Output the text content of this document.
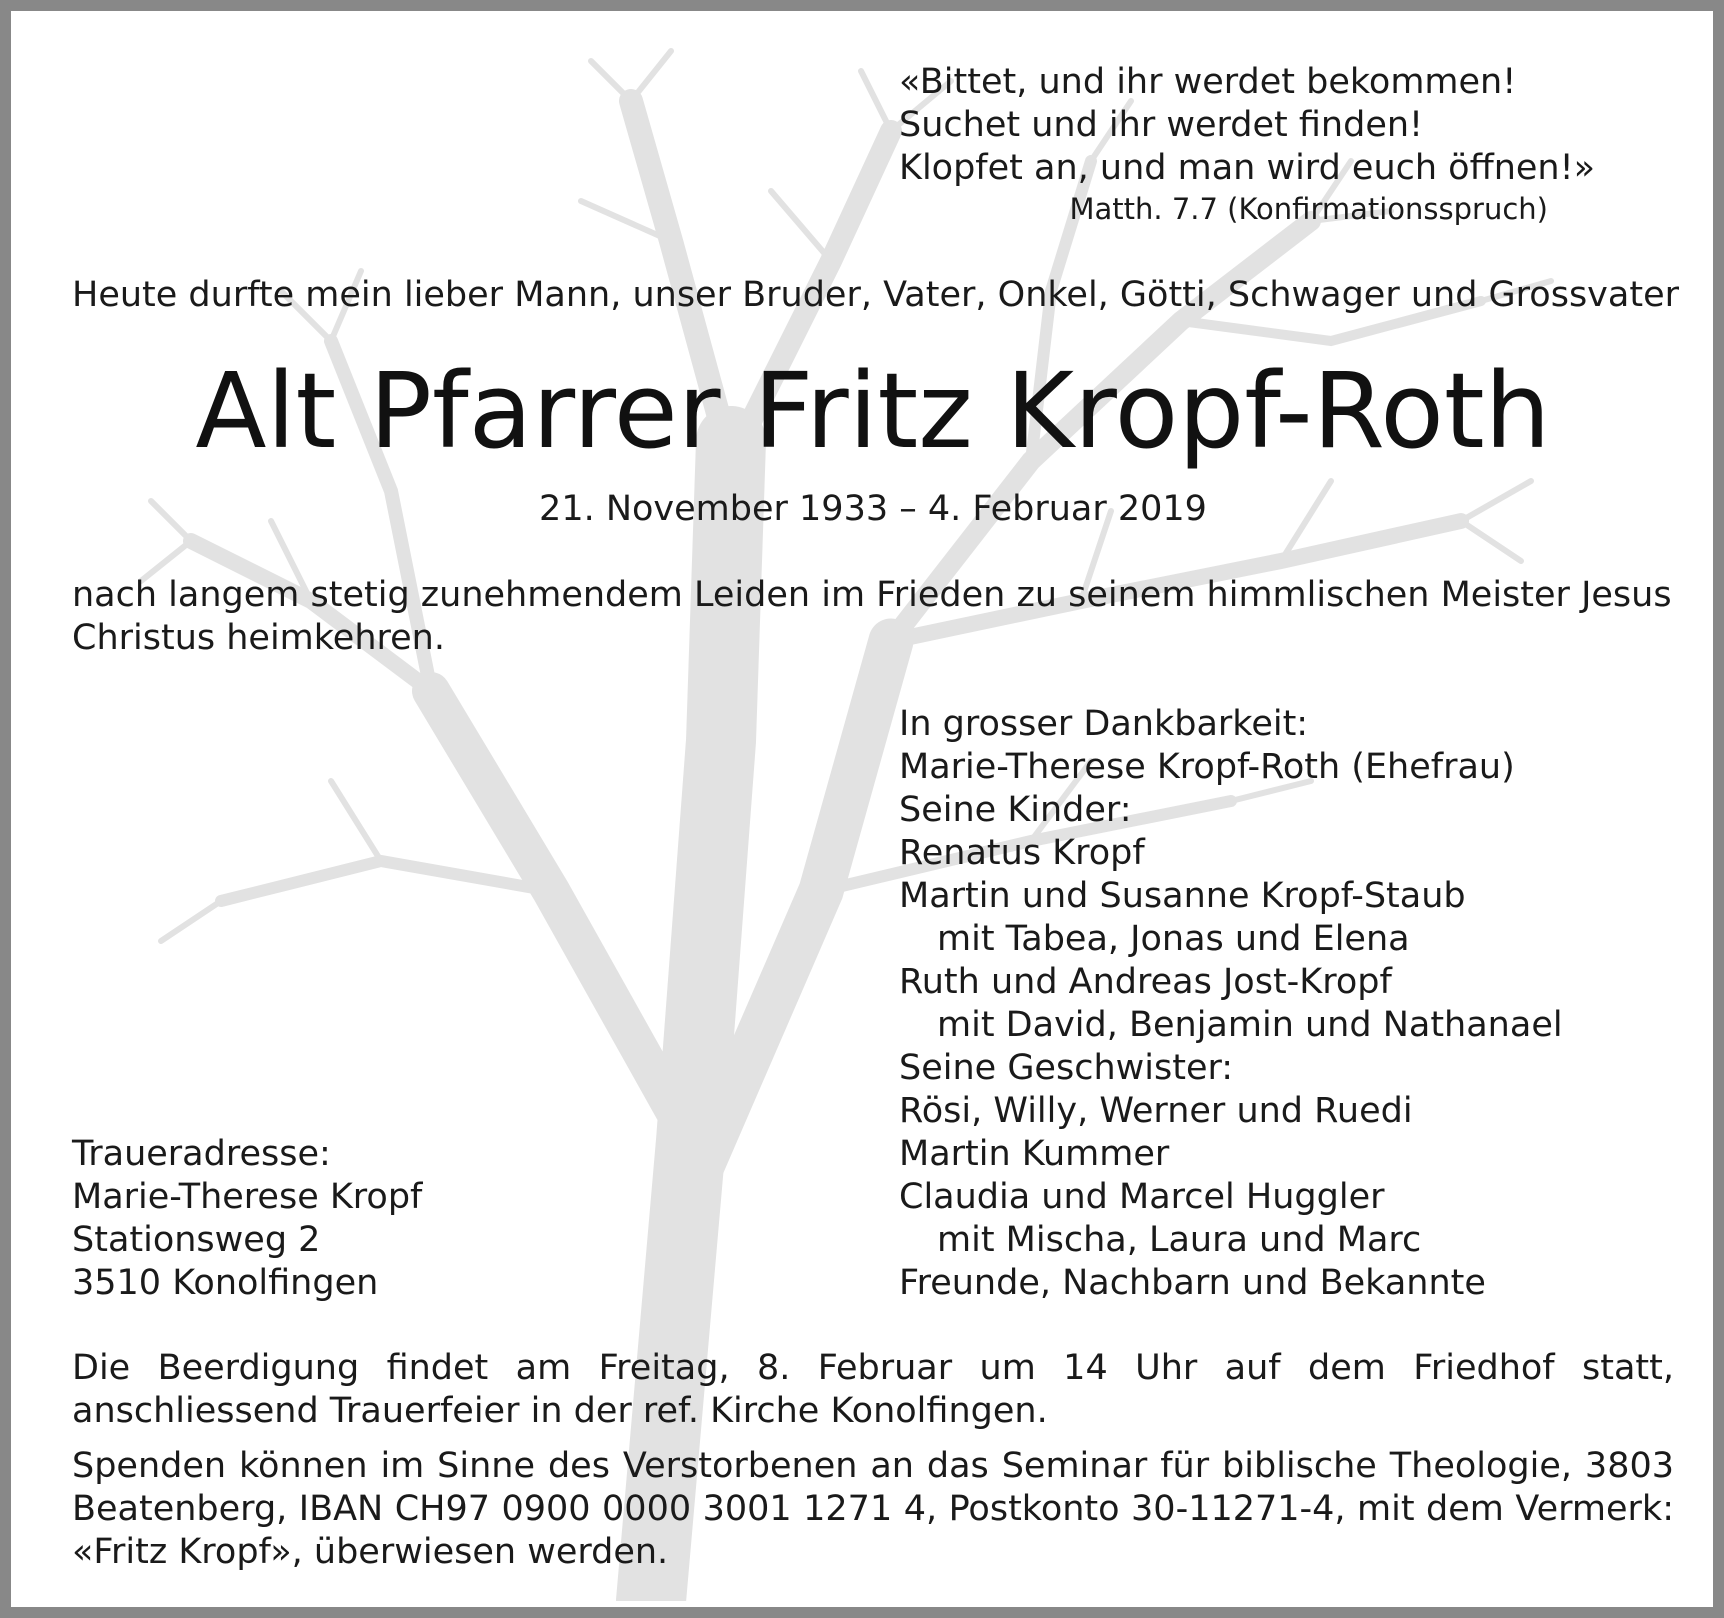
«Bittet, und ihr werdet bekommen!
Suchet und ihr werdet finden!
Klopfet an, und man wird euch öffnen!»
Matth. 7.7 (Konfirmationsspruch)
Heute durfte mein lieber Mann, unser Bruder, Vater, Onkel, Götti, Schwager und Grossvater
Alt Pfarrer Fritz Kropf-Roth
21. November 1933 – 4. Februar 2019
nach langem stetig zunehmendem Leiden im Frieden zu seinem himmlischen Meister Jesus Christus heimkehren.
In grosser Dankbarkeit:
Marie-Therese Kropf-Roth (Ehefrau)
Seine Kinder:
Renatus Kropf
Martin und Susanne Kropf-Staub
mit Tabea, Jonas und Elena
Ruth und Andreas Jost-Kropf
mit David, Benjamin und Nathanael
Seine Geschwister:
Rösi, Willy, Werner und Ruedi
Martin Kummer
Claudia und Marcel Huggler
mit Mischa, Laura und Marc
Freunde, Nachbarn und Bekannte
Traueradresse:
Marie-Therese Kropf
Stationsweg 2
3510 Konolfingen
Die Beerdigung findet am Freitag, 8. Februar um 14 Uhr auf dem Friedhof statt, anschliessend Trauerfeier in der ref. Kirche Konolfingen.
Spenden können im Sinne des Verstorbenen an das Seminar für biblische Theologie, 3803 Beatenberg, IBAN CH97 0900 0000 3001 1271 4, Postkonto 30-11271-4, mit dem Vermerk: «Fritz Kropf», überwiesen werden.
